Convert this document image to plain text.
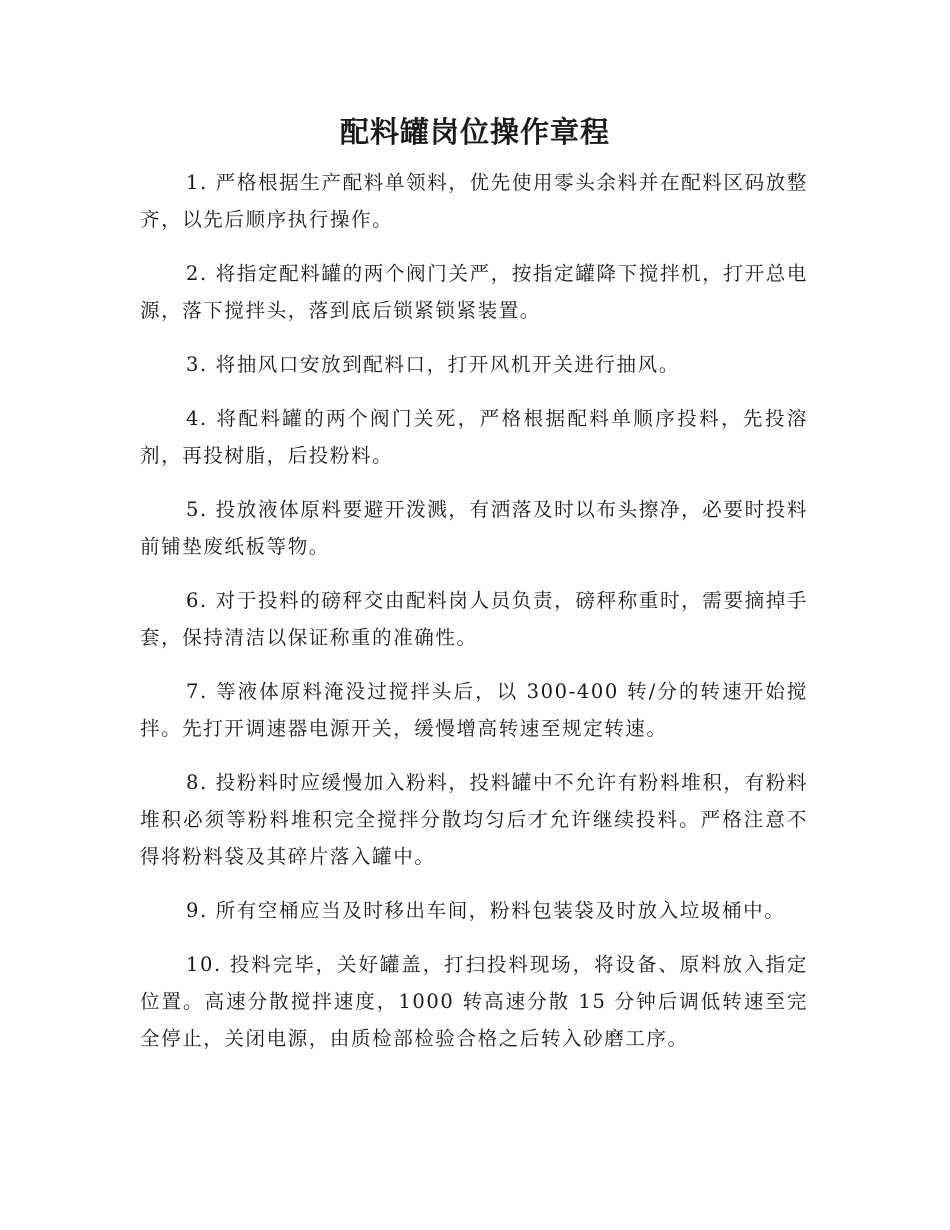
配料罐岗位操作章程

1. 严格根据生产配料单领料，优先使用零头余料并在配料区码放整齐，以先后顺序执行操作。

2. 将指定配料罐的两个阀门关严，按指定罐降下搅拌机，打开总电源，落下搅拌头，落到底后锁紧锁紧装置。

3. 将抽风口安放到配料口，打开风机开关进行抽风。

4. 将配料罐的两个阀门关死，严格根据配料单顺序投料，先投溶剂，再投树脂，后投粉料。

5. 投放液体原料要避开泼溅，有洒落及时以布头擦净，必要时投料前铺垫废纸板等物。

6. 对于投料的磅秤交由配料岗人员负责，磅秤称重时，需要摘掉手套，保持清洁以保证称重的准确性。

7. 等液体原料淹没过搅拌头后，以 300-400 转/分的转速开始搅拌。先打开调速器电源开关，缓慢增高转速至规定转速。

8. 投粉料时应缓慢加入粉料，投料罐中不允许有粉料堆积，有粉料堆积必须等粉料堆积完全搅拌分散均匀后才允许继续投料。严格注意不得将粉料袋及其碎片落入罐中。

9. 所有空桶应当及时移出车间，粉料包装袋及时放入垃圾桶中。

10. 投料完毕，关好罐盖，打扫投料现场，将设备、原料放入指定位置。高速分散搅拌速度，1000 转高速分散 15 分钟后调低转速至完全停止，关闭电源，由质检部检验合格之后转入砂磨工序。
